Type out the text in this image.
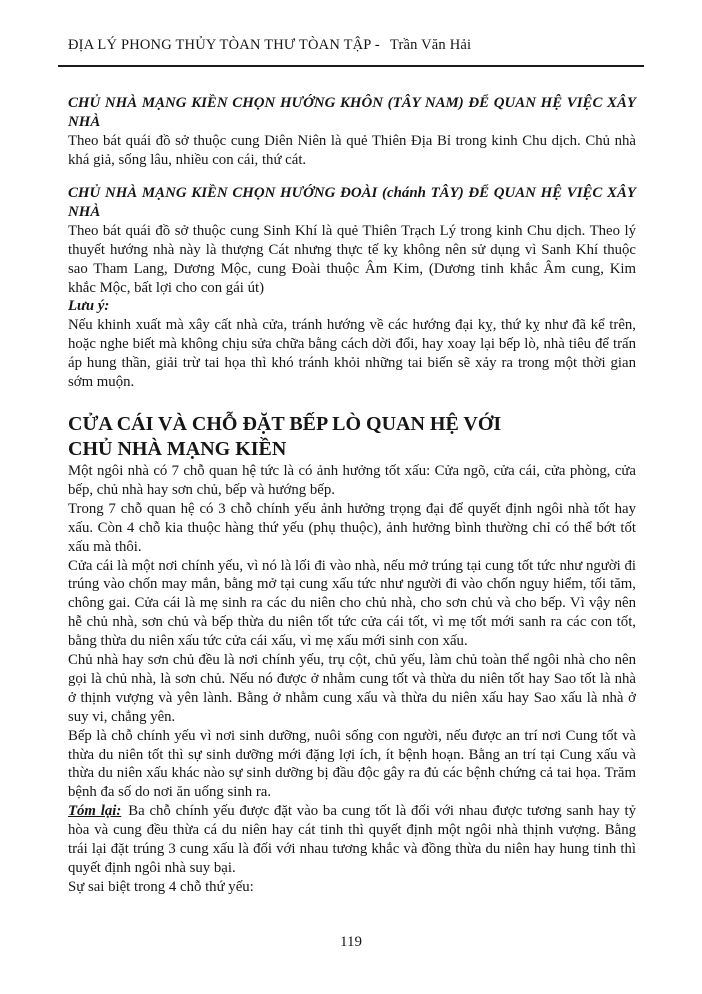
ĐỊA LÝ PHONG THỦY TÒAN THƯ TÒAN TẬP - Trần Văn Hải

CHỦ NHÀ MẠNG KIỀN CHỌN HƯỚNG KHÔN (TÂY NAM) ĐỂ QUAN HỆ VIỆC XÂY NHÀ

Theo bát quái đồ sở thuộc cung Diên Niên là quẻ Thiên Địa Bỉ trong kinh Chu dịch. Chủ nhà khá giả, sống lâu, nhiều con cái, thứ cát.

CHỦ NHÀ MẠNG KIỀN CHỌN HƯỚNG ĐOÀI (chánh TÂY) ĐỂ QUAN HỆ VIỆC XÂY NHÀ

Theo bát quái đồ sở thuộc cung Sinh Khí là quẻ Thiên Trạch Lý trong kinh Chu dịch. Theo lý thuyết hướng nhà này là thượng Cát nhưng thực tế kỵ không nên sử dụng vì Sanh Khí thuộc sao Tham Lang, Dương Mộc, cung Đoài thuộc Âm Kim, (Dương tinh khắc Âm cung, Kim khắc Mộc, bất lợi cho con gái út)

Lưu ý:

Nếu khinh xuất mà xây cất nhà cửa, tránh hướng về các hướng đại kỵ, thứ kỵ như đã kể trên, hoặc nghe biết mà không chịu sửa chữa bằng cách dời đổi, hay xoay lại bếp lò, nhà tiêu để trấn áp hung thần, giải trừ tai họa thì khó tránh khỏi những tai biến sẽ xảy ra trong một thời gian sớm muộn.

CỬA CÁI VÀ CHỖ ĐẶT BẾP LÒ QUAN HỆ VỚI
CHỦ NHÀ MẠNG KIỀN

Một ngôi nhà có 7 chỗ quan hệ tức là có ảnh hưởng tốt xấu: Cửa ngõ, cửa cái, cửa phòng, cửa bếp, chủ nhà hay sơn chủ, bếp và hướng bếp.

Trong 7 chỗ quan hệ có 3 chỗ chính yếu ảnh hưởng trọng đại để quyết định ngôi nhà tốt hay xấu. Còn 4 chỗ kia thuộc hàng thứ yếu (phụ thuộc), ảnh hưởng bình thường chỉ có thể bớt tốt xấu mà thôi.

Cửa cái là một nơi chính yếu, vì nó là lối đi vào nhà, nếu mở trúng tại cung tốt tức như người đi trúng vào chốn may mắn, bằng mở tại cung xấu tức như người đi vào chốn nguy hiểm, tối tăm, chông gai. Cửa cái là mẹ sinh ra các du niên cho chủ nhà, cho sơn chủ và cho bếp. Vì vậy nên hễ chủ nhà, sơn chủ và bếp thừa du niên tốt tức cửa cái tốt, vì mẹ tốt mới sanh ra các con tốt, bằng thừa du niên xấu tức cửa cái xấu, vì mẹ xấu mới sinh con xấu.

Chủ nhà hay sơn chủ đều là nơi chính yếu, trụ cột, chủ yếu, làm chủ toàn thể ngôi nhà cho nên gọi là chủ nhà, là sơn chủ. Nếu nó được ở nhằm cung tốt và thừa du niên tốt hay Sao tốt là nhà ở thịnh vượng và yên lành. Bằng ở nhằm cung xấu và thừa du niên xấu hay Sao xấu là nhà ở suy vi, chẳng yên.

Bếp là chỗ chính yếu vì nơi sinh dưỡng, nuôi sống con người, nếu được an trí nơi Cung tốt và thừa du niên tốt thì sự sinh dưỡng mới đặng lợi ích, ít bệnh hoạn. Bằng an trí tại Cung xấu và thừa du niên xấu khác nào sự sinh dưỡng bị đầu độc gây ra đủ các bệnh chứng cả tai họa. Trăm bệnh đa số do nơi ăn uống sinh ra.

Tóm lại: Ba chỗ chính yếu được đặt vào ba cung tốt là đối với nhau được tương sanh hay tỷ hòa và cung đều thừa cá du niên hay cát tinh thì quyết định một ngôi nhà thịnh vượng. Bằng trái lại đặt trúng 3 cung xấu là đối với nhau tương khắc và đồng thừa du niên hay hung tinh thì quyết định ngôi nhà suy bại.

Sự sai biệt trong 4 chỗ thứ yếu:

119
